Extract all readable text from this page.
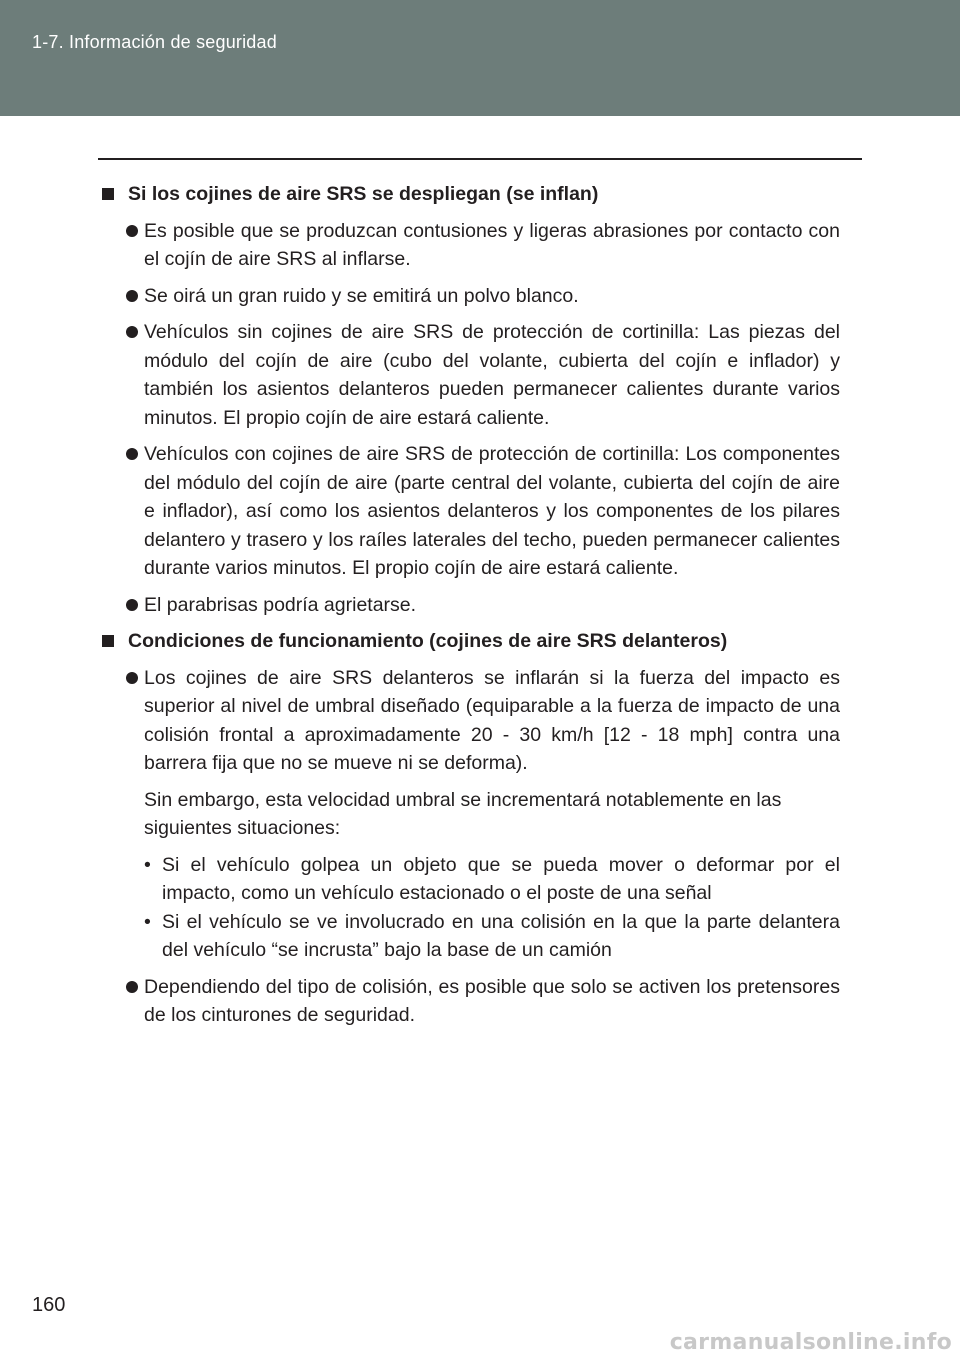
1-7. Información de seguridad
Si los cojines de aire SRS se despliegan (se inflan)
Es posible que se produzcan contusiones y ligeras abrasiones por contacto con el cojín de aire SRS al inflarse.
Se oirá un gran ruido y se emitirá un polvo blanco.
Vehículos sin cojines de aire SRS de protección de cortinilla: Las piezas del módulo del cojín de aire (cubo del volante, cubierta del cojín e inflador) y también los asientos delanteros pueden permanecer calientes durante varios minutos. El propio cojín de aire estará caliente.
Vehículos con cojines de aire SRS de protección de cortinilla: Los componentes del módulo del cojín de aire (parte central del volante, cubierta del cojín de aire e inflador), así como los asientos delanteros y los componentes de los pilares delantero y trasero y los raíles laterales del techo, pueden permanecer calientes durante varios minutos. El propio cojín de aire estará caliente.
El parabrisas podría agrietarse.
Condiciones de funcionamiento (cojines de aire SRS delanteros)
Los cojines de aire SRS delanteros se inflarán si la fuerza del impacto es superior al nivel de umbral diseñado (equiparable a la fuerza de impacto de una colisión frontal a aproximadamente 20 - 30 km/h [12 - 18 mph] contra una barrera fija que no se mueve ni se deforma).
Sin embargo, esta velocidad umbral se incrementará notablemente en las siguientes situaciones:
• Si el vehículo golpea un objeto que se pueda mover o deformar por el impacto, como un vehículo estacionado o el poste de una señal
• Si el vehículo se ve involucrado en una colisión en la que la parte delantera del vehículo “se incrusta” bajo la base de un camión
Dependiendo del tipo de colisión, es posible que solo se activen los pretensores de los cinturones de seguridad.
160
carmanualsonline.info
